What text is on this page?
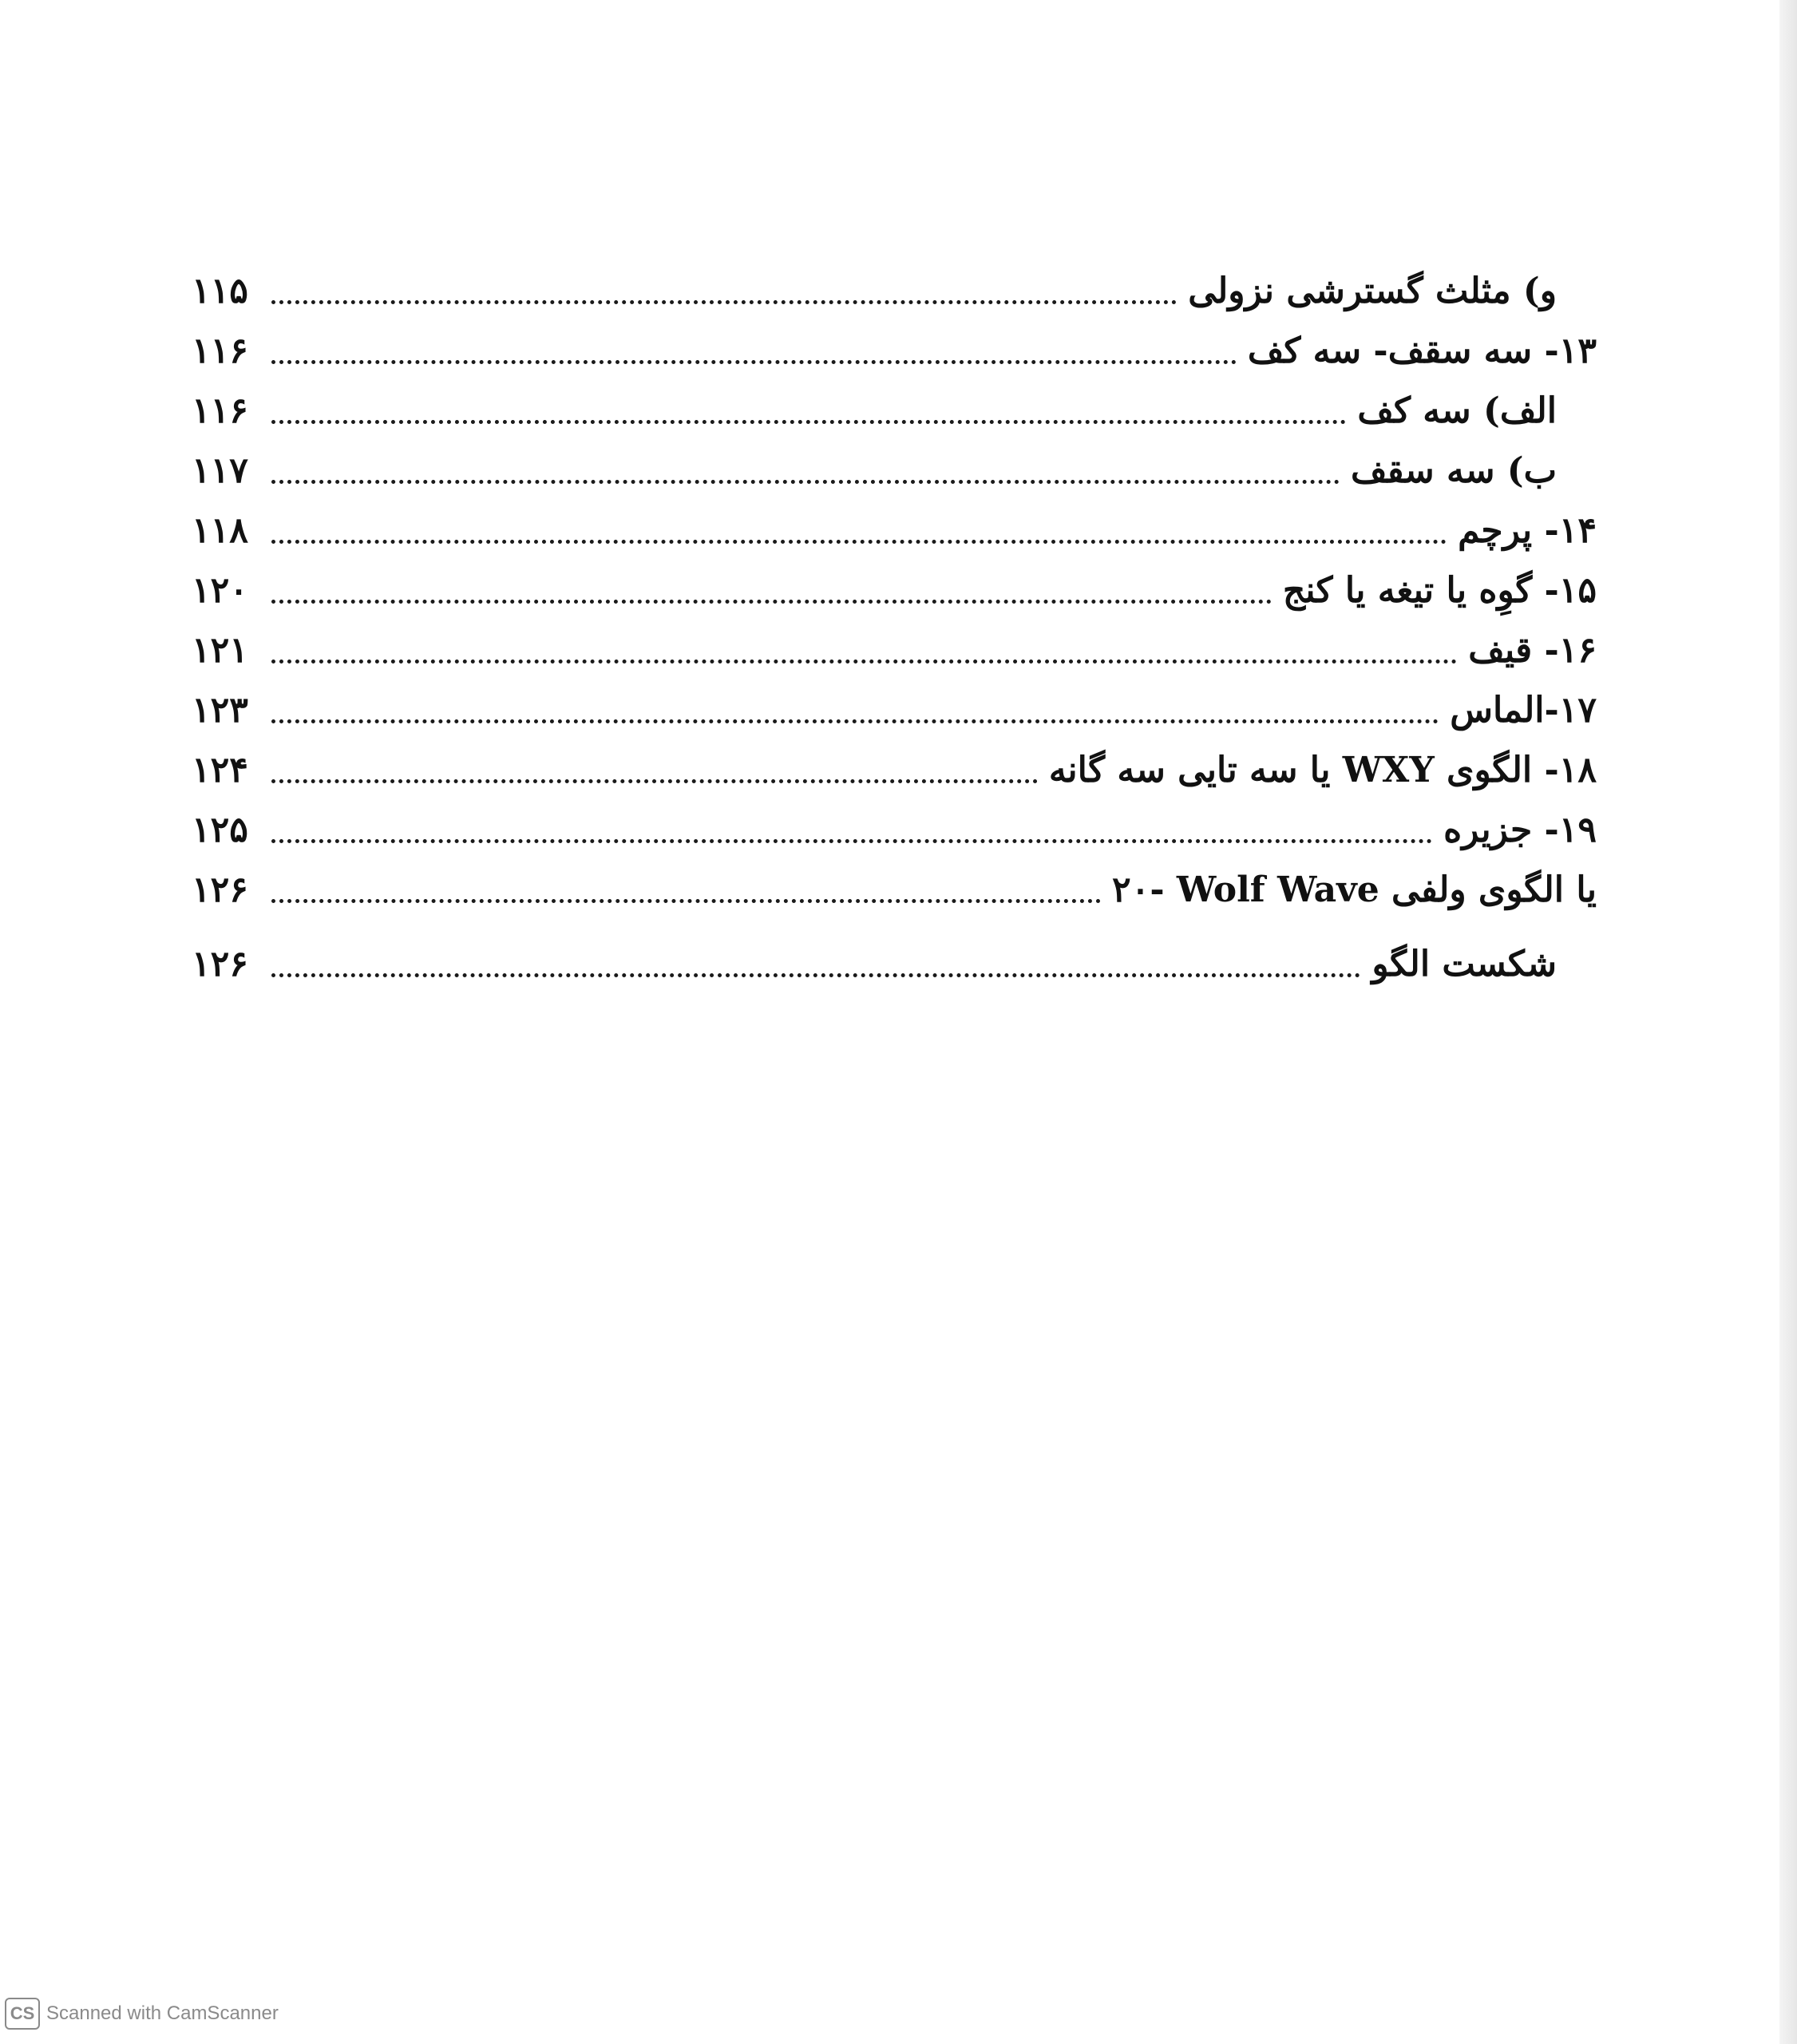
۱۱۵	و) مثلث گسترشی نزولی
۱۱۶	۱۳- سه سقف- سه کف
۱۱۶	الف) سه کف
۱۱۷	ب) سه سقف
۱۱۸	۱۴- پرچم
۱۲۰	۱۵- گوِه یا تیغه یا کنج
۱۲۱	۱۶- قیف
۱۲۳	۱۷-الماس
۱۲۴	۱۸- الگوی WXY یا سه تایی سه گانه
۱۲۵	۱۹- جزیره
۱۲۶	۲۰- Wolf Wave یا الگوی ولفی
۱۲۶	شکست الگو
CS Scanned with CamScanner
